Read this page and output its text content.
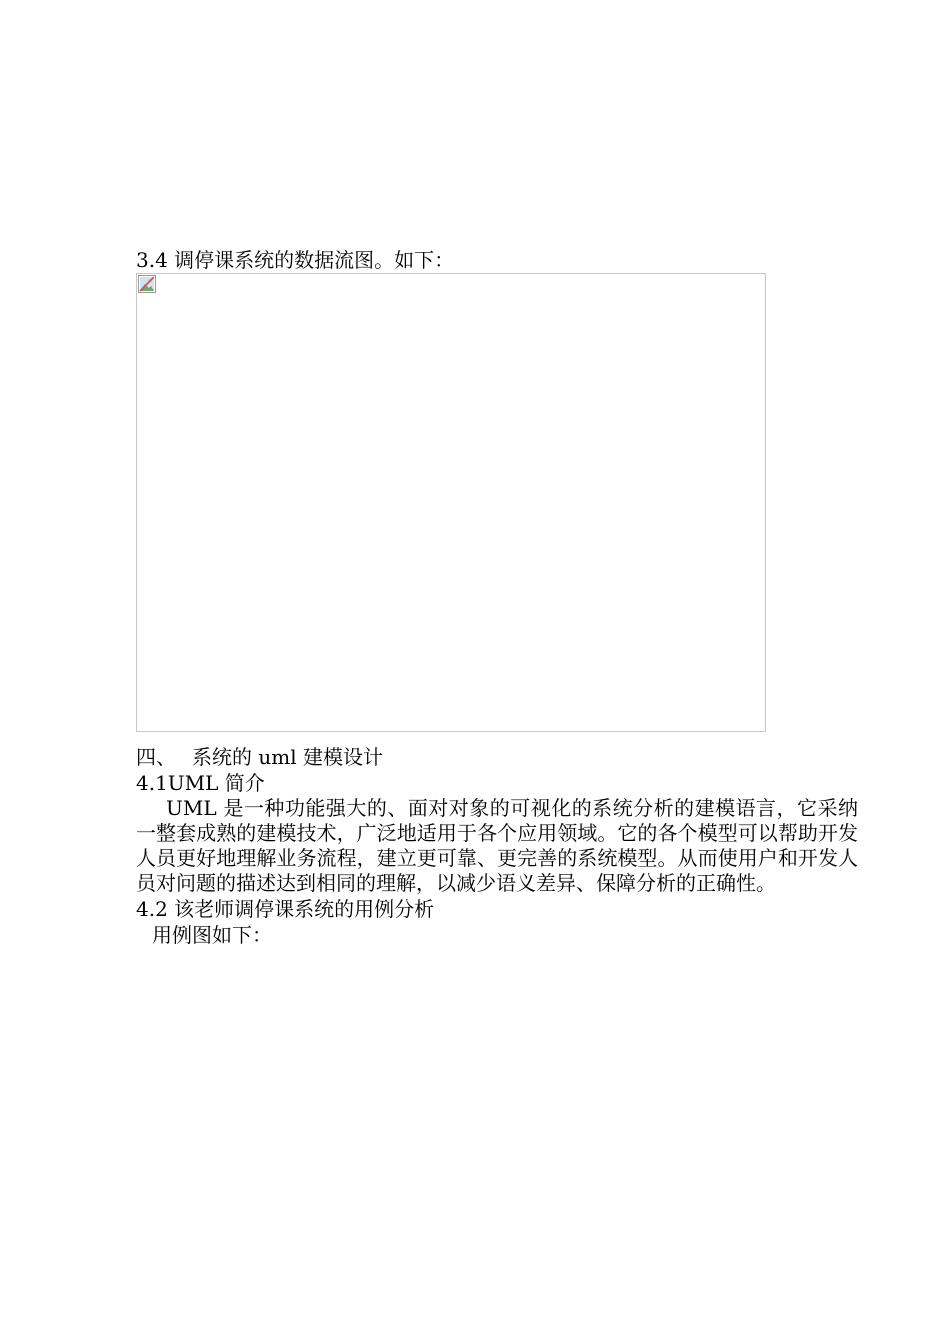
3.4 调停课系统的数据流图。如下：
四、 系统的 uml 建模设计
4.1UML 简介
UML 是一种功能强大的、面对对象的可视化的系统分析的建模语言，它采纳一整套成熟的建模技术，广泛地适用于各个应用领域。它的各个模型可以帮助开发人员更好地理解业务流程，建立更可靠、更完善的系统模型。从而使用户和开发人员对问题的描述达到相同的理解，以减少语义差异、保障分析的正确性。
4.2 该老师调停课系统的用例分析
用例图如下：
